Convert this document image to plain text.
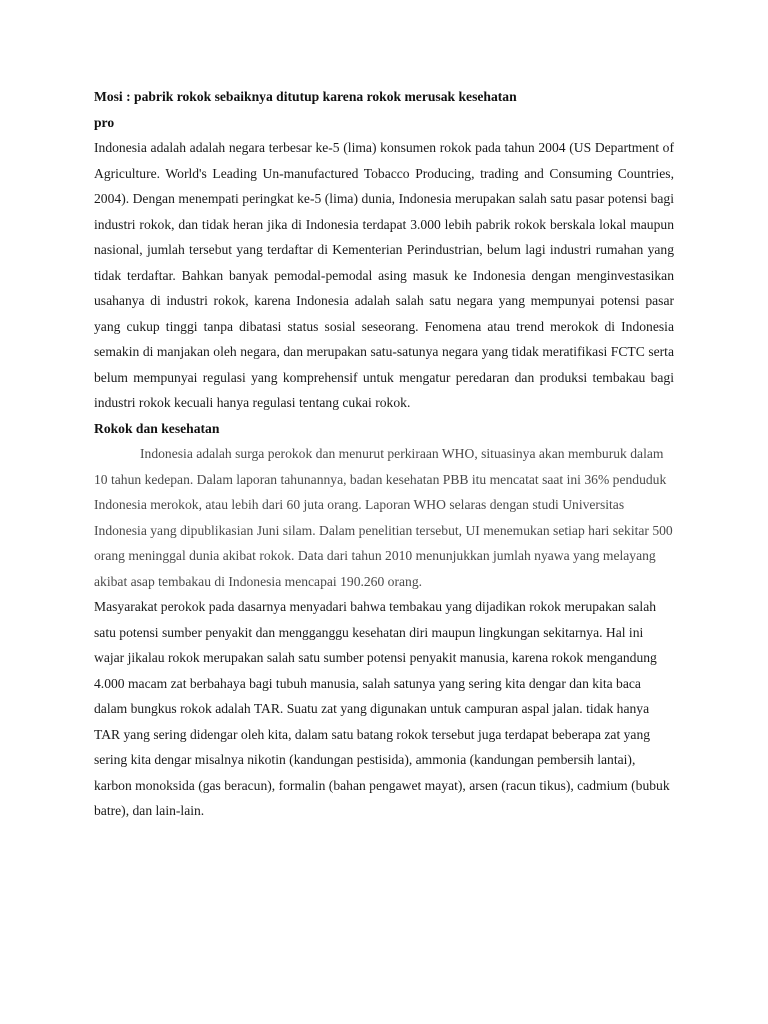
Mosi : pabrik rokok sebaiknya ditutup karena rokok merusak kesehatan

pro

Indonesia adalah adalah negara terbesar ke-5 (lima) konsumen rokok pada tahun 2004 (US Department of Agriculture. World's Leading Un-manufactured Tobacco Producing, trading and Consuming Countries, 2004). Dengan menempati peringkat ke-5 (lima) dunia, Indonesia merupakan salah satu pasar potensi bagi industri rokok, dan tidak heran jika di Indonesia terdapat 3.000 lebih pabrik rokok berskala lokal maupun nasional, jumlah tersebut yang terdaftar di Kementerian Perindustrian, belum lagi industri rumahan yang tidak terdaftar. Bahkan banyak pemodal-pemodal asing masuk ke Indonesia dengan menginvestasikan usahanya di industri rokok, karena Indonesia adalah salah satu negara yang mempunyai potensi pasar yang cukup tinggi tanpa dibatasi status sosial seseorang. Fenomena atau trend merokok di Indonesia semakin di manjakan oleh negara, dan merupakan satu-satunya negara yang tidak meratifikasi FCTC serta belum mempunyai regulasi yang komprehensif untuk mengatur peredaran dan produksi tembakau bagi industri rokok kecuali hanya regulasi tentang cukai rokok.

Rokok dan kesehatan

Indonesia adalah surga perokok dan menurut perkiraan WHO, situasinya akan memburuk dalam 10 tahun kedepan. Dalam laporan tahunannya, badan kesehatan PBB itu mencatat saat ini 36% penduduk Indonesia merokok, atau lebih dari 60 juta orang. Laporan WHO selaras dengan studi Universitas Indonesia yang dipublikasian Juni silam. Dalam penelitian tersebut, UI menemukan setiap hari sekitar 500 orang meninggal dunia akibat rokok. Data dari tahun 2010 menunjukkan jumlah nyawa yang melayang akibat asap tembakau di Indonesia mencapai 190.260 orang.

Masyarakat perokok pada dasarnya menyadari bahwa tembakau yang dijadikan rokok merupakan salah satu potensi sumber penyakit dan mengganggu kesehatan diri maupun lingkungan sekitarnya. Hal ini wajar jikalau rokok merupakan salah satu sumber potensi penyakit manusia, karena rokok mengandung 4.000 macam zat berbahaya bagi tubuh manusia, salah satunya yang sering kita dengar dan kita baca dalam bungkus rokok adalah TAR. Suatu zat yang digunakan untuk campuran aspal jalan. tidak hanya TAR yang sering didengar oleh kita, dalam satu batang rokok tersebut juga terdapat beberapa zat yang sering kita dengar misalnya nikotin (kandungan pestisida), ammonia (kandungan pembersih lantai), karbon monoksida (gas beracun), formalin (bahan pengawet mayat), arsen (racun tikus), cadmium (bubuk batre), dan lain-lain.
